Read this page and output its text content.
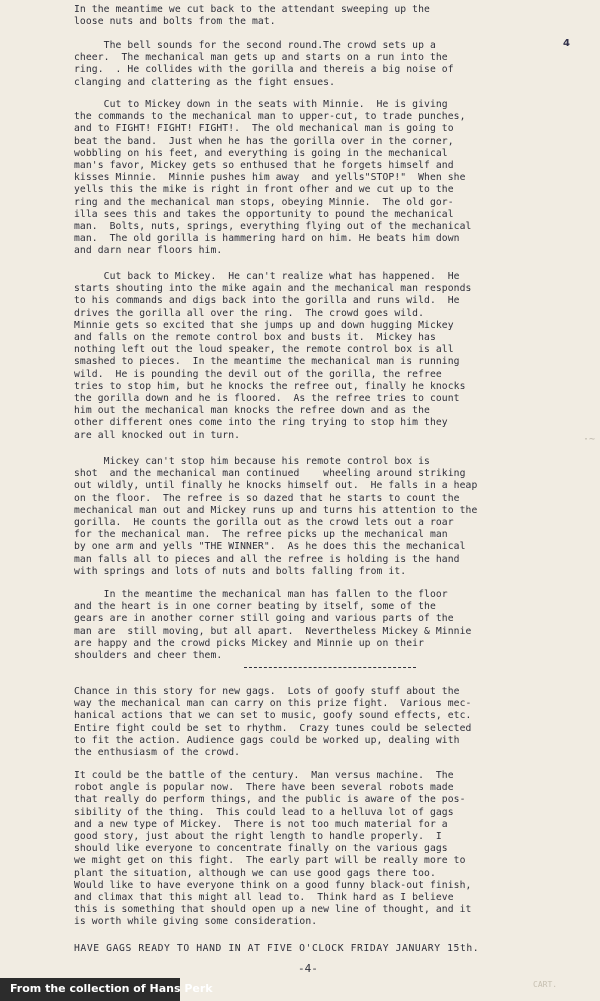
4

In the meantime we cut back to the attendant sweeping up the

loose nuts and bolts from the mat.

The bell sounds for the second round.The crowd sets up a

cheer.  The mechanical man gets up and starts on a run into the

ring.  . He collides with the gorilla and thereis a big noise of

clanging and clattering as the fight ensues.

Cut to Mickey down in the seats with Minnie.  He is giving

the commands to the mechanical man to upper-cut, to trade punches,

and to FIGHT! FIGHT! FIGHT!.  The old mechanical man is going to

beat the band.  Just when he has the gorilla over in the corner,

wobbling on his feet, and everything is going in the mechanical

man's favor, Mickey gets so enthused that he forgets himself and

kisses Minnie.  Minnie pushes him away  and yells"STOP!"  When she

yells this the mike is right in front ofher and we cut up to the

ring and the mechanical man stops, obeying Minnie.  The old gor-

illa sees this and takes the opportunity to pound the mechanical

man.  Bolts, nuts, springs, everything flying out of the mechanical

man.  The old gorilla is hammering hard on him. He beats him down

and darn near floors him.

Cut back to Mickey.  He can't realize what has happened.  He

starts shouting into the mike again and the mechanical man responds

to his commands and digs back into the gorilla and runs wild.  He

drives the gorilla all over the ring.  The crowd goes wild.

Minnie gets so excited that she jumps up and down hugging Mickey

and falls on the remote control box and busts it.  Mickey has

nothing left out the loud speaker, the remote control box is all

smashed to pieces.  In the meantime the mechanical man is running

wild.  He is pounding the devil out of the gorilla, the refree

tries to stop him, but he knocks the refree out, finally he knocks

the gorilla down and he is floored.  As the refree tries to count

him out the mechanical man knocks the refree down and as the

other different ones come into the ring trying to stop him they

are all knocked out in turn.

Mickey can't stop him because his remote control box is

shot  and the mechanical man continued    wheeling around striking

out wildly, until finally he knocks himself out.  He falls in a heap

on the floor.  The refree is so dazed that he starts to count the

mechanical man out and Mickey runs up and turns his attention to the

gorilla.  He counts the gorilla out as the crowd lets out a roar

for the mechanical man.  The refree picks up the mechanical man

by one arm and yells "THE WINNER".  As he does this the mechanical

man falls all to pieces and all the refree is holding is the hand

with springs and lots of nuts and bolts falling from it.

In the meantime the mechanical man has fallen to the floor

and the heart is in one corner beating by itself, some of the

gears are in another corner still going and various parts of the

man are  still moving, but all apart.  Nevertheless Mickey & Minnie

are happy and the crowd picks Mickey and Minnie up on their

shoulders and cheer them.

Chance in this story for new gags.  Lots of goofy stuff about the

way the mechanical man can carry on this prize fight.  Various mec-

hanical actions that we can set to music, goofy sound effects, etc.

Entire fight could be set to rhythm.  Crazy tunes could be selected

to fit the action. Audience gags could be worked up, dealing with

the enthusiasm of the crowd.

It could be the battle of the century.  Man versus machine.  The

robot angle is popular now.  There have been several robots made

that really do perform things, and the public is aware of the pos-

sibility of the thing.  This could lead to a helluva lot of gags

and a new type of Mickey.  There is not too much material for a

good story, just about the right length to handle properly.  I

should like everyone to concentrate finally on the various gags

we might get on this fight.  The early part will be really more to

plant the situation, although we can use good gags there too.

Would like to have everyone think on a good funny black-out finish,

and climax that this might all lead to.  Think hard as I believe

this is something that should open up a new line of thought, and it

is worth while giving some consideration.

HAVE GAGS READY TO HAND IN AT FIVE O'CLOCK FRIDAY JANUARY 15th.
-4-
CART.
·~
From the collection of Hans Perk
